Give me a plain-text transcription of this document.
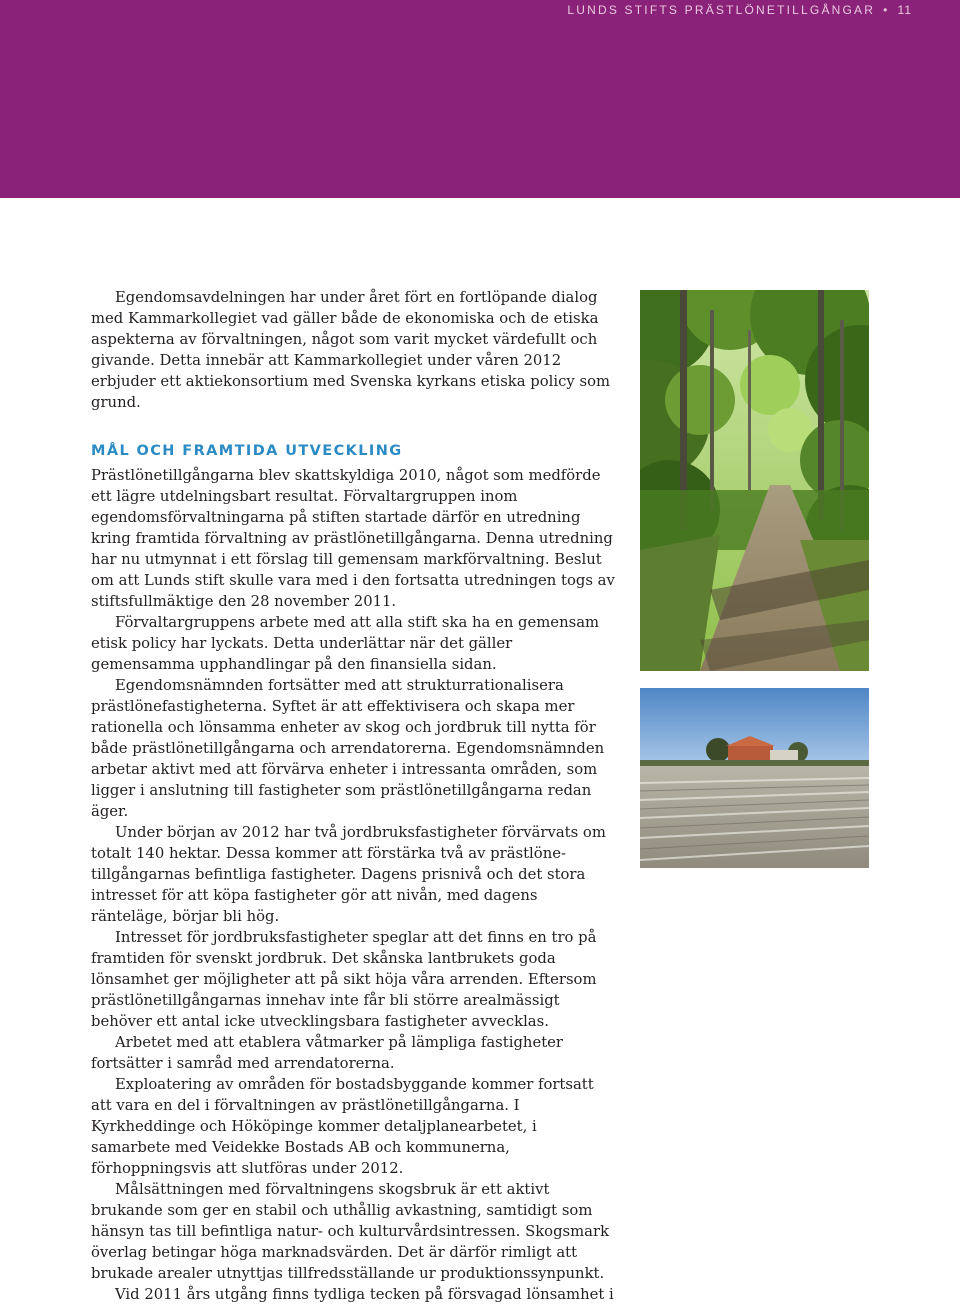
LUNDS STIFTS PRÄSTLÖNETILLGÅNGAR • 11

Egendomsavdelningen har under året fört en fortlöpande dialog med Kammarkollegiet vad gäller både de ekonomiska och de etiska aspekterna av förvaltningen, något som varit mycket värdefullt och givande. Detta innebär att Kammarkollegiet under våren 2012 erbjuder ett aktiekonsortium med Svenska kyrkans etiska policy som grund.

MÅL OCH FRAMTIDA UTVECKLING

Prästlönetillgångarna blev skattskyldiga 2010, något som medförde ett lägre utdelningsbart resultat. Förvaltargruppen inom egendomsförvaltningarna på stiften startade därför en utredning kring framtida förvaltning av prästlönetillgångarna. Denna utredning har nu utmynnat i ett förslag till gemensam markförvaltning. Beslut om att Lunds stift skulle vara med i den fortsatta utredningen togs av stiftsfullmäktige den 28 november 2011.

Förvaltargruppens arbete med att alla stift ska ha en gemensam etisk policy har lyckats. Detta underlättar när det gäller gemensamma upphandlingar på den finansiella sidan.

Egendomsnämnden fortsätter med att strukturrationalisera prästlönefastigheterna. Syftet är att effektivisera och skapa mer rationella och lönsamma enheter av skog och jordbruk till nytta för både prästlönetillgångarna och arrendatorerna. Egendomsnämnden arbetar aktivt med att förvärva enheter i intressanta områden, som ligger i anslutning till fastigheter som prästlönetillgångarna redan äger.

Under början av 2012 har två jordbruksfastigheter förvärvats om totalt 140 hektar. Dessa kommer att förstärka två av prästlönetillgångarnas befintliga fastigheter. Dagens prisnivå och det stora intresset för att köpa fastigheter gör att nivån, med dagens ränteläge, börjar bli hög.

Intresset för jordbruksfastigheter speglar att det finns en tro på framtiden för svenskt jordbruk. Det skånska lantbrukets goda lönsamhet ger möjligheter att på sikt höja våra arrenden. Eftersom prästlönetillgångarnas innehav inte får bli större arealmässigt behöver ett antal icke utvecklingsbara fastigheter avvecklas.

Arbetet med att etablera våtmarker på lämpliga fastigheter fortsätter i samråd med arrendatorerna.

Exploatering av områden för bostadsbyggande kommer fortsatt att vara en del i förvaltningen av prästlönetillgångarna. I Kyrkheddinge och Hököpinge kommer detaljplanearbetet, i samarbete med Veidekke Bostads AB och kommunerna, förhoppningsvis att slutföras under 2012.

Målsättningen med förvaltningens skogsbruk är ett aktivt brukande som ger en stabil och uthållig avkastning, samtidigt som hänsyn tas till befintliga natur- och kulturvårdsintressen. Skogsmark överlag betingar höga marknadsvärden. Det är därför rimligt att brukade arealer utnyttjas tillfredsställande ur produktionssynpunkt.

Vid 2011 års utgång finns tydliga tecken på försvagad lönsamhet i
